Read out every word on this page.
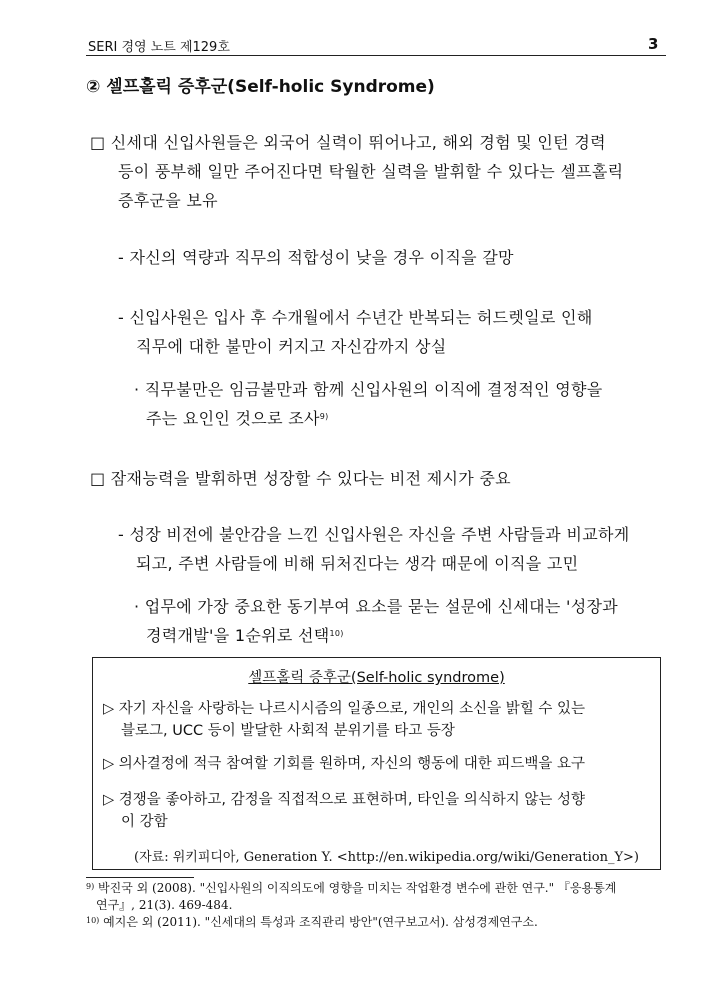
SERI 경영 노트 제129호	3
② 셀프홀릭 증후군(Self-holic Syndrome)
□ 신세대 신입사원들은 외국어 실력이 뛰어나고, 해외 경험 및 인턴 경력
등이 풍부해 일만 주어진다면 탁월한 실력을 발휘할 수 있다는 셀프홀릭
증후군을 보유
- 자신의 역량과 직무의 적합성이 낮을 경우 이직을 갈망
- 신입사원은 입사 후 수개월에서 수년간 반복되는 허드렛일로 인해
직무에 대한 불만이 커지고 자신감까지 상실
· 직무불만은 임금불만과 함께 신입사원의 이직에 결정적인 영향을
주는 요인인 것으로 조사$^{9)}$
□ 잠재능력을 발휘하면 성장할 수 있다는 비전 제시가 중요
- 성장 비전에 불안감을 느낀 신입사원은 자신을 주변 사람들과 비교하게
되고, 주변 사람들에 비해 뒤처진다는 생각 때문에 이직을 고민
· 업무에 가장 중요한 동기부여 요소를 묻는 설문에 신세대는 '성장과
경력개발'을 1순위로 선택$^{10)}$
셀프홀릭 증후군(Self-holic syndrome)
▷ 자기 자신을 사랑하는 나르시시즘의 일종으로, 개인의 소신을 밝힐 수 있는
블로그, UCC 등이 발달한 사회적 분위기를 타고 등장
▷ 의사결정에 적극 참여할 기회를 원하며, 자신의 행동에 대한 피드백을 요구
▷ 경쟁을 좋아하고, 감정을 직접적으로 표현하며, 타인을 의식하지 않는 성향
이 강함
(자료: 위키피디아, Generation Y. <http://en.wikipedia.org/wiki/Generation_Y>)
$^{9)}$ 박진국 외 (2008). "신입사원의 이직의도에 영향을 미치는 작업환경 변수에 관한 연구." 『응용통계
연구』, 21(3). 469-484.
$^{10)}$ 예지은 외 (2011). "신세대의 특성과 조직관리 방안"(연구보고서). 삼성경제연구소.
